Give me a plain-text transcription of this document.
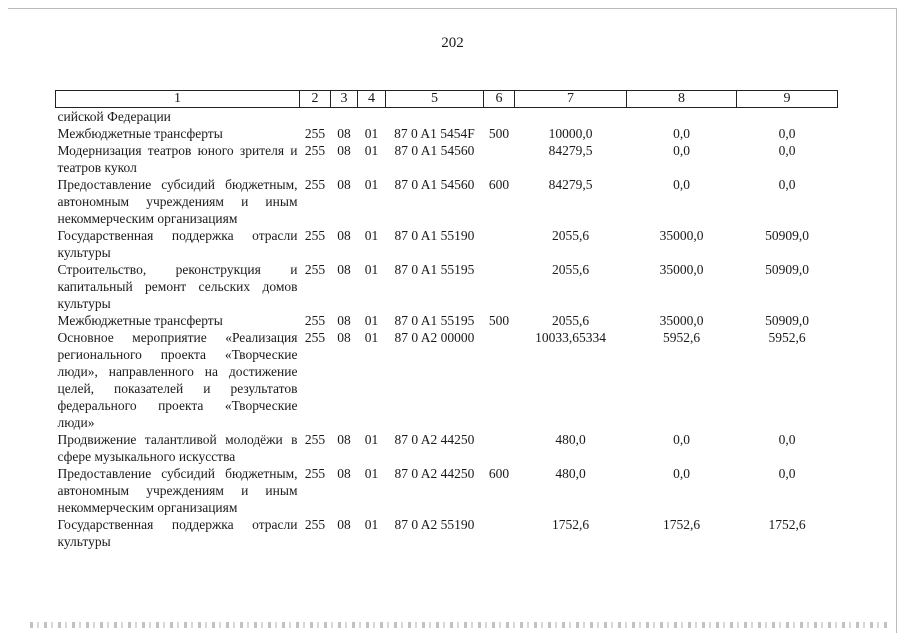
202
1	2	3	4	5	6	7	8	9
сийской Федерации								
Межбюджетные трансферты	255	08	01	87 0 A1 5454F	500	10000,0	0,0	0,0
Модернизация театров юного зрителя и театров кукол	255	08	01	87 0 A1 54560		84279,5	0,0	0,0
Предоставление субсидий бюджетным, автономным учреждениям и иным некоммерческим организациям	255	08	01	87 0 A1 54560	600	84279,5	0,0	0,0
Государственная поддержка отрасли культуры	255	08	01	87 0 A1 55190		2055,6	35000,0	50909,0
Строительство, реконструкция и капитальный ремонт сельских домов культуры	255	08	01	87 0 A1 55195		2055,6	35000,0	50909,0
Межбюджетные трансферты	255	08	01	87 0 A1 55195	500	2055,6	35000,0	50909,0
Основное мероприятие «Реализация регионального проекта «Творческие люди», направленного на достижение целей, показателей и результатов федерального проекта «Творческие люди»	255	08	01	87 0 A2 00000		10033,65334	5952,6	5952,6
Продвижение талантливой молодёжи в сфере музыкального искусства	255	08	01	87 0 A2 44250		480,0	0,0	0,0
Предоставление субсидий бюджетным, автономным учреждениям и иным некоммерческим организациям	255	08	01	87 0 A2 44250	600	480,0	0,0	0,0
Государственная поддержка отрасли культуры	255	08	01	87 0 A2 55190		1752,6	1752,6	1752,6
